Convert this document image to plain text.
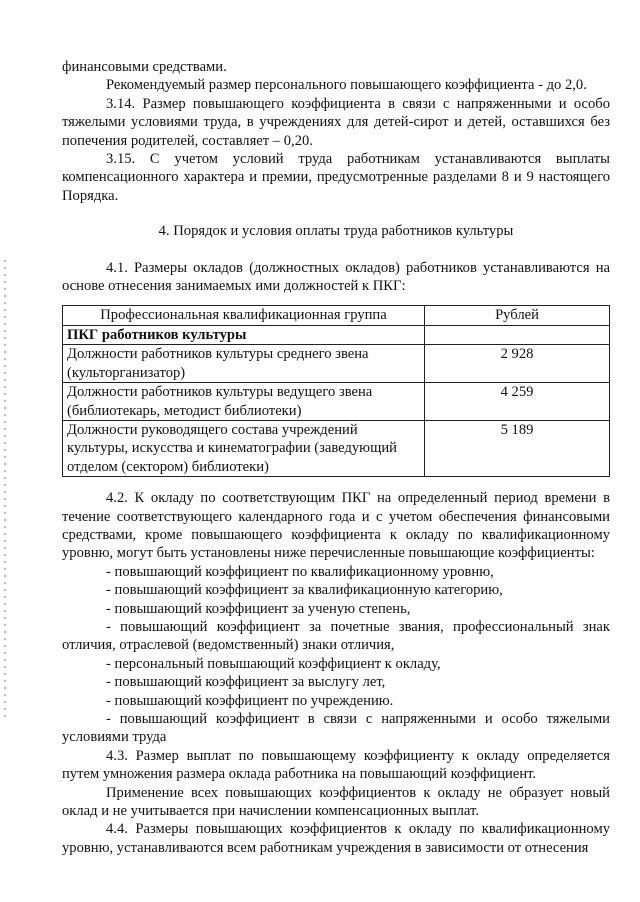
финансовыми средствами.

Рекомендуемый размер персонального повышающего коэффициента - до 2,0.

3.14. Размер повышающего коэффициента в связи с напряженными и особо тяжелыми условиями труда, в учреждениях для детей-сирот и детей, оставшихся без попечения родителей, составляет – 0,20.

3.15. С учетом условий труда работникам устанавливаются выплаты компенсационного характера и премии, предусмотренные разделами 8 и 9 настоящего Порядка.

4. Порядок и условия оплаты труда работников культуры

4.1. Размеры окладов (должностных окладов) работников устанавливаются на основе отнесения занимаемых ими должностей к ПКГ:

Профессиональная квалификационная группа	Рублей
ПКГ работников культуры	
Должности работников культуры среднего звена (культорганизатор)	2 928
Должности работников культуры ведущего звена (библиотекарь, методист библиотеки)	4 259
Должности руководящего состава учреждений культуры, искусства и кинематографии (заведующий отделом (сектором) библиотеки)	5 189

4.2. К окладу по соответствующим ПКГ на определенный период времени в течение соответствующего календарного года и с учетом обеспечения финансовыми средствами, кроме повышающего коэффициента к окладу по квалификационному уровню, могут быть установлены ниже перечисленные повышающие коэффициенты:

- повышающий коэффициент по квалификационному уровню,

- повышающий коэффициент за квалификационную категорию,

- повышающий коэффициент за ученую степень,

- повышающий коэффициент за почетные звания, профессиональный знак отличия, отраслевой (ведомственный) знаки отличия,

- персональный повышающий коэффициент к окладу,

- повышающий коэффициент за выслугу лет,

- повышающий коэффициент по учреждению.

- повышающий коэффициент в связи с напряженными и особо тяжелыми условиями труда

4.3. Размер выплат по повышающему коэффициенту к окладу определяется путем умножения размера оклада работника на повышающий коэффициент.

Применение всех повышающих коэффициентов к окладу не образует новый оклад и не учитывается при начислении компенсационных выплат.

4.4. Размеры повышающих коэффициентов к окладу по квалификационному уровню, устанавливаются всем работникам учреждения в зависимости от отнесения
